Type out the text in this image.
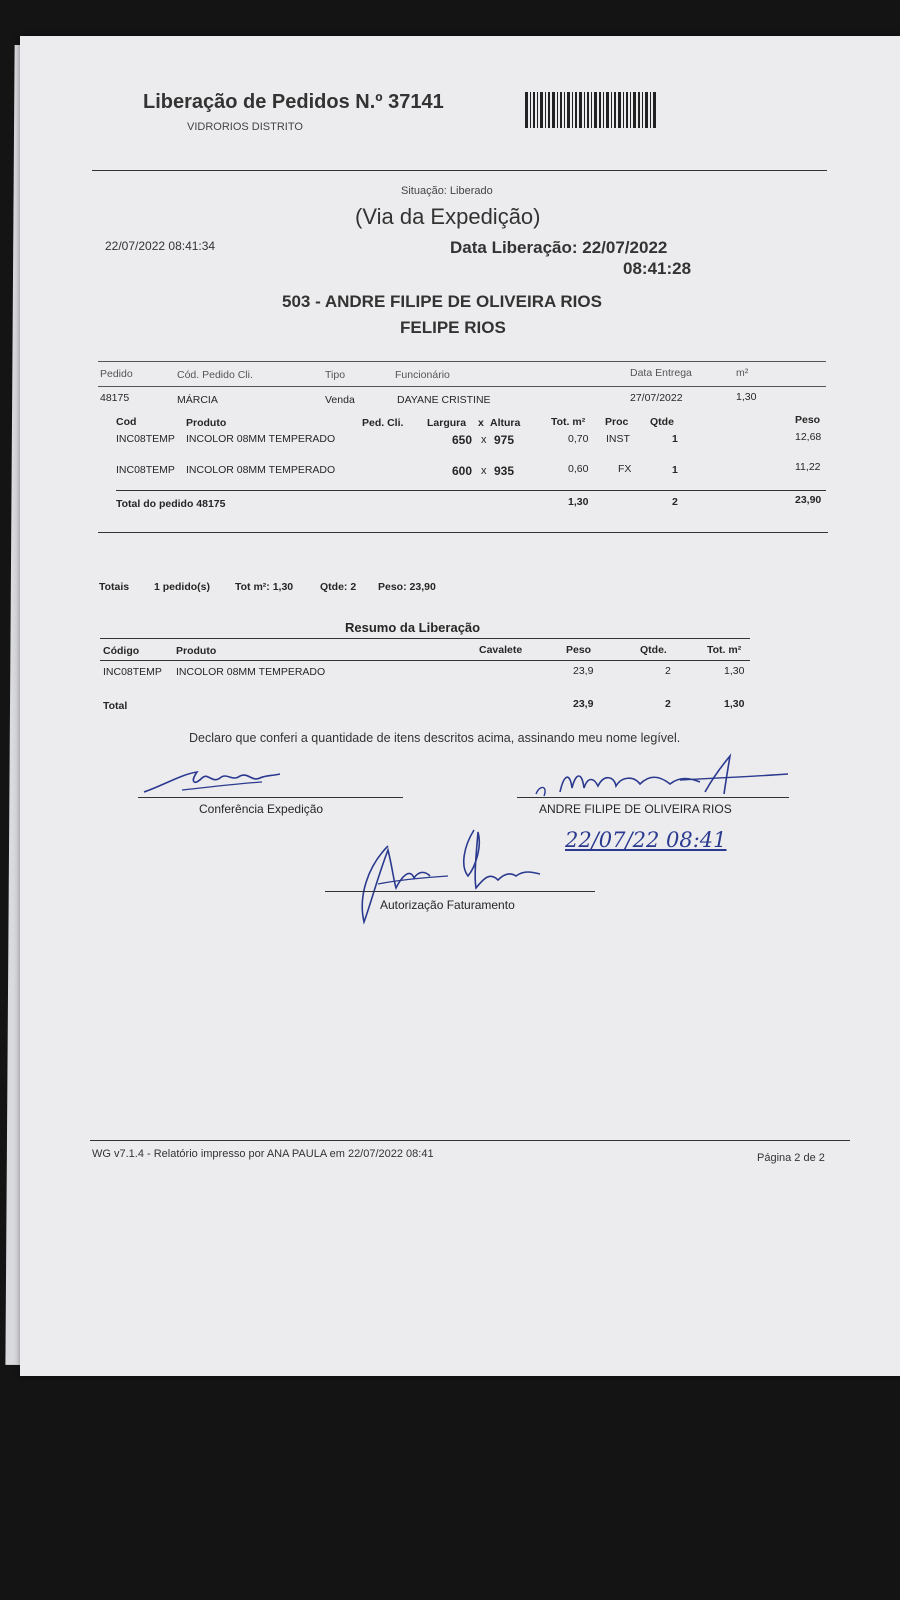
Liberação de Pedidos N.º 37141
VIDRORIOS DISTRITO
Situação: Liberado
(Via da Expedição)
22/07/2022 08:41:34	Data Liberação: 22/07/2022
08:41:28
503 - ANDRE FILIPE DE OLIVEIRA RIOS
FELIPE RIOS
Pedido	Cód. Pedido Cli.	Tipo	Funcionário	Data Entrega	m²
48175	MÁRCIA	Venda	DAYANE CRISTINE	27/07/2022	1,30
Cod	Produto	Ped. Cli. Largura x Altura	Tot. m² Proc Qtde	Peso
INC08TEMP INCOLOR 08MM TEMPERADO	650 x 975	0,70 INST	1	12,68
INC08TEMP INCOLOR 08MM TEMPERADO	600 x 935	0,60	FX	1	11,22
Total do pedido 48175	1,30	2	23,90
Totais 1 pedido(s) Tot m²: 1,30	Qtde: 2 Peso: 23,90
Resumo da Liberação
Código	Produto	Cavalete	Peso	Qtde.	Tot. m²
INC08TEMP INCOLOR 08MM TEMPERADO	23,9	2	1,30
Total	23,9	2	1,30
Declaro que conferi a quantidade de itens descritos acima, assinando meu nome legível.
Conferência Expedição	ANDRE FILIPE DE OLIVEIRA RIOS
22/07/22 08:41
Autorização Faturamento
WG v7.1.4 - Relatório impresso por ANA PAULA em 22/07/2022 08:41	Página 2 de 2
